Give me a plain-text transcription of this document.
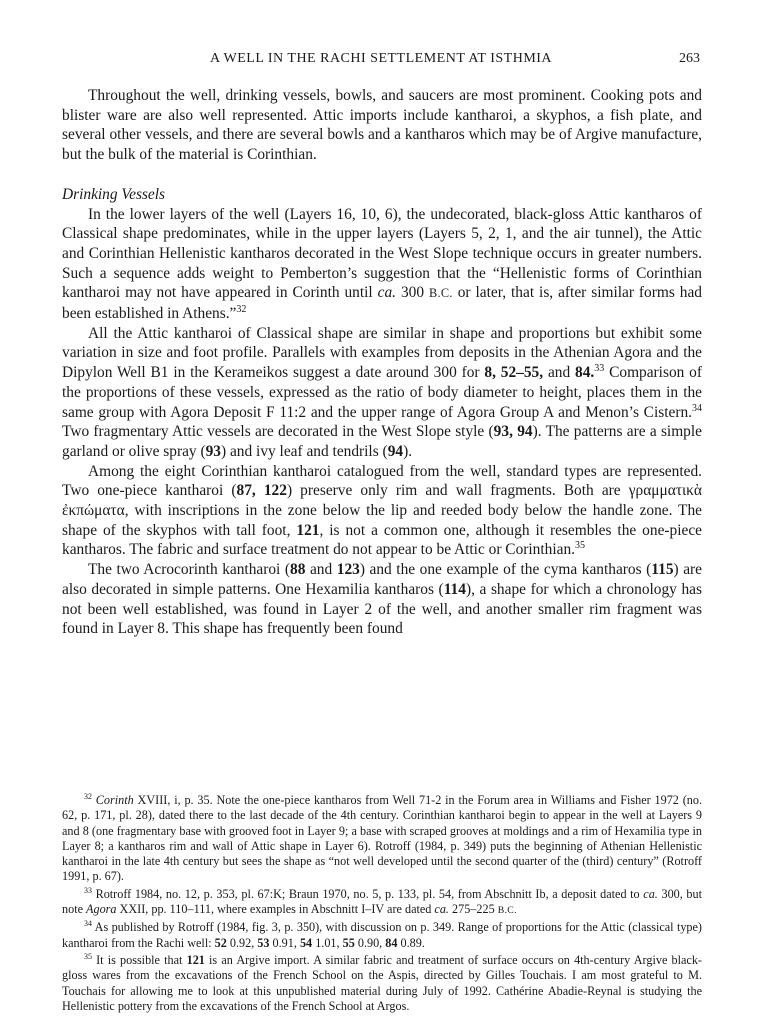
A WELL IN THE RACHI SETTLEMENT AT ISTHMIA	263

Throughout the well, drinking vessels, bowls, and saucers are most prominent. Cooking pots and blister ware are also well represented. Attic imports include kantharoi, a skyphos, a fish plate, and several other vessels, and there are several bowls and a kantharos which may be of Argive manufacture, but the bulk of the material is Corinthian.

Drinking Vessels

In the lower layers of the well (Layers 16, 10, 6), the undecorated, black-gloss Attic kantharos of Classical shape predominates, while in the upper layers (Layers 5, 2, 1, and the air tunnel), the Attic and Corinthian Hellenistic kantharos decorated in the West Slope technique occurs in greater numbers. Such a sequence adds weight to Pemberton’s suggestion that the “Hellenistic forms of Corinthian kantharoi may not have appeared in Corinth until ca. 300 B.C. or later, that is, after similar forms had been established in Athens.”$^{32}$

All the Attic kantharoi of Classical shape are similar in shape and proportions but exhibit some variation in size and foot profile. Parallels with examples from deposits in the Athenian Agora and the Dipylon Well B1 in the Kerameikos suggest a date around 300 for 8, 52–55, and 84.33 Comparison of the proportions of these vessels, expressed as the ratio of body diameter to height, places them in the same group with Agora Deposit F 11:2 and the upper range of Agora Group A and Menon’s Cistern.$^{34}$ Two fragmentary Attic vessels are decorated in the West Slope style (93, 94). The patterns are a simple garland or olive spray (93) and ivy leaf and tendrils (94).

Among the eight Corinthian kantharoi catalogued from the well, standard types are represented. Two one-piece kantharoi (87, 122) preserve only rim and wall fragments. Both are γραμματικὰ ἐκπώματα, with inscriptions in the zone below the lip and reeded body below the handle zone. The shape of the skyphos with tall foot, 121, is not a common one, although it resembles the one-piece kantharos. The fabric and surface treatment do not appear to be Attic or Corinthian.$^{35}$

The two Acrocorinth kantharoi (88 and 123) and the one example of the cyma kantharos (115) are also decorated in simple patterns. One Hexamilia kantharos (114), a shape for which a chronology has not been well established, was found in Layer 2 of the well, and another smaller rim fragment was found in Layer 8. This shape has frequently been found

$^{32}$ Corinth XVIII, i, p. 35. Note the one-piece kantharos from Well 71-2 in the Forum area in Williams and Fisher 1972 (no. 62, p. 171, pl. 28), dated there to the last decade of the 4th century. Corinthian kantharoi begin to appear in the well at Layers 9 and 8 (one fragmentary base with grooved foot in Layer 9; a base with scraped grooves at moldings and a rim of Hexamilia type in Layer 8; a kantharos rim and wall of Attic shape in Layer 6). Rotroff (1984, p. 349) puts the beginning of Athenian Hellenistic kantharoi in the late 4th century but sees the shape as “not well developed until the second quarter of the (third) century” (Rotroff 1991, p. 67).

$^{33}$ Rotroff 1984, no. 12, p. 353, pl. 67:K; Braun 1970, no. 5, p. 133, pl. 54, from Abschnitt Ib, a deposit dated to ca. 300, but note Agora XXII, pp. 110–111, where examples in Abschnitt I–IV are dated ca. 275–225 B.C.

$^{34}$ As published by Rotroff (1984, fig. 3, p. 350), with discussion on p. 349. Range of proportions for the Attic (classical type) kantharoi from the Rachi well: 52 0.92, 53 0.91, 54 1.01, 55 0.90, 84 0.89.

$^{35}$ It is possible that 121 is an Argive import. A similar fabric and treatment of surface occurs on 4th-century Argive black-gloss wares from the excavations of the French School on the Aspis, directed by Gilles Touchais. I am most grateful to M. Touchais for allowing me to look at this unpublished material during July of 1992. Cathérine Abadie-Reynal is studying the Hellenistic pottery from the excavations of the French School at Argos.
